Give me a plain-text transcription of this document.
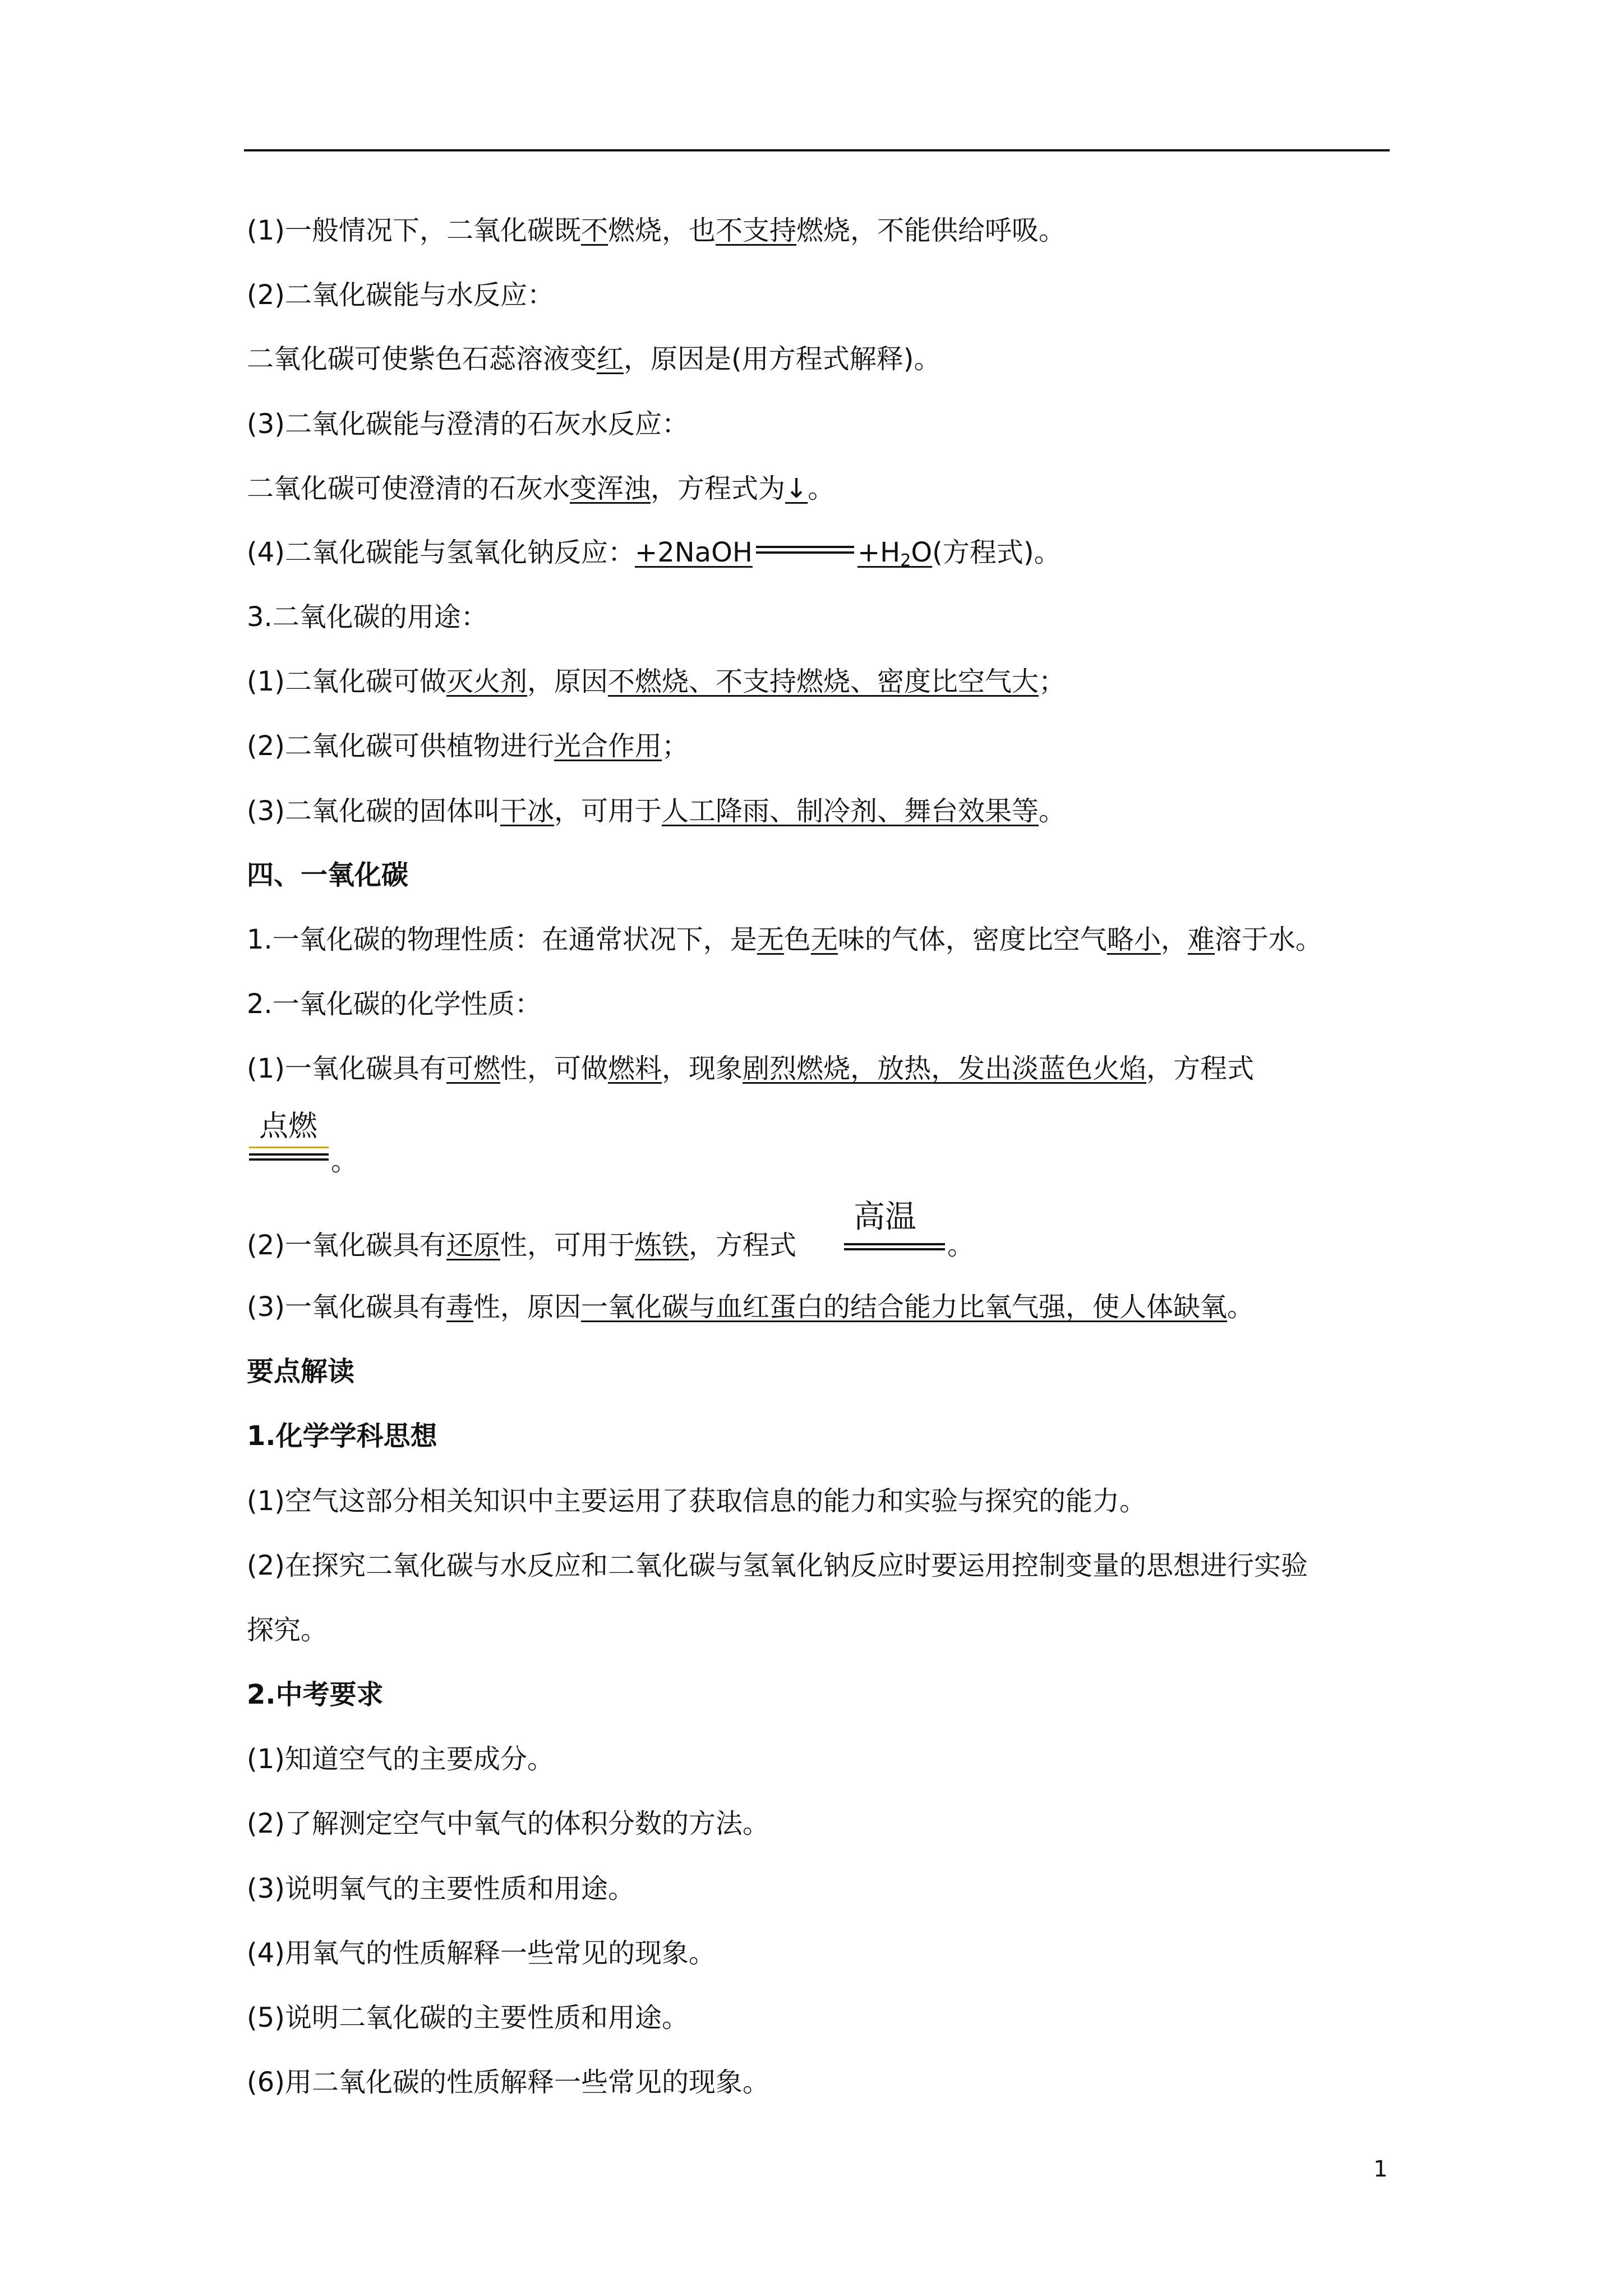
(1)一般情况下，二氧化碳既不燃烧，也不支持燃烧，不能供给呼吸。
(2)二氧化碳能与水反应：
二氧化碳可使紫色石蕊溶液变红，原因是(用方程式解释)。
(3)二氧化碳能与澄清的石灰水反应：
二氧化碳可使澄清的石灰水变浑浊，方程式为↓。
(4)二氧化碳能与氢氧化钠反应：+2NaOH	$+H_2O$(方程式)。
3.二氧化碳的用途：
(1)二氧化碳可做灭火剂，原因不燃烧、不支持燃烧、密度比空气大；
(2)二氧化碳可供植物进行光合作用；
(3)二氧化碳的固体叫干冰，可用于人工降雨、制冷剂、舞台效果等。
四、一氧化碳
1.一氧化碳的物理性质：在通常状况下，是无色无味的气体，密度比空气略小，难溶于水。
2.一氧化碳的化学性质：
(1)一氧化碳具有可燃性，可做燃料，现象剧烈燃烧，放热，发出淡蓝色火焰，方程式
点燃
。
(2)一氧化碳具有还原性，可用于炼铁，方程式
高温
。
(3)一氧化碳具有毒性，原因一氧化碳与血红蛋白的结合能力比氧气强，使人体缺氧。
要点解读
1.化学学科思想
(1)空气这部分相关知识中主要运用了获取信息的能力和实验与探究的能力。
(2)在探究二氧化碳与水反应和二氧化碳与氢氧化钠反应时要运用控制变量的思想进行实验
探究。
2.中考要求
(1)知道空气的主要成分。
(2)了解测定空气中氧气的体积分数的方法。
(3)说明氧气的主要性质和用途。
(4)用氧气的性质解释一些常见的现象。
(5)说明二氧化碳的主要性质和用途。
(6)用二氧化碳的性质解释一些常见的现象。
1
